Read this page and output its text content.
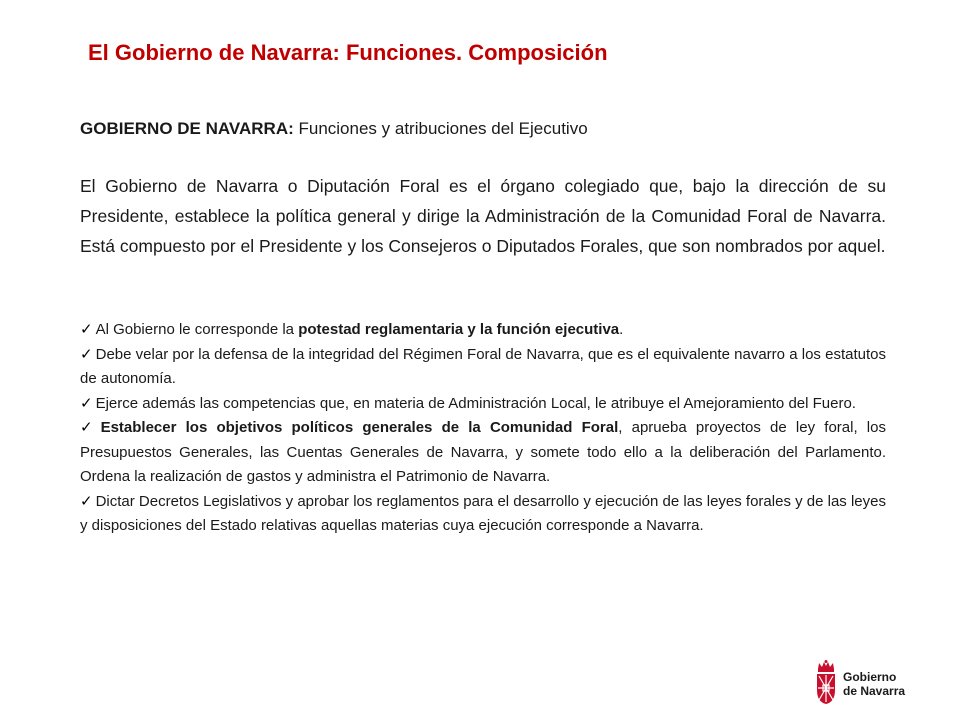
El Gobierno de Navarra: Funciones. Composición
GOBIERNO DE NAVARRA: Funciones y atribuciones del Ejecutivo

El Gobierno de Navarra o Diputación Foral es el órgano colegiado que, bajo la dirección de su Presidente, establece la política general y dirige la Administración de la Comunidad Foral de Navarra. Está compuesto por el Presidente y los Consejeros o Diputados Forales, que son nombrados por aquel.

✓ Al Gobierno le corresponde la potestad reglamentaria y la función ejecutiva.
✓ Debe velar por la defensa de la integridad del Régimen Foral de Navarra, que es el equivalente navarro a los estatutos de autonomía.
✓ Ejerce además las competencias que, en materia de Administración Local, le atribuye el Amejoramiento del Fuero.
✓ Establecer los objetivos políticos generales de la Comunidad Foral, aprueba proyectos de ley foral, los Presupuestos Generales, las Cuentas Generales de Navarra, y somete todo ello a la deliberación del Parlamento. Ordena la realización de gastos y administra el Patrimonio de Navarra.
✓ Dictar Decretos Legislativos y aprobar los reglamentos para el desarrollo y ejecución de las leyes forales y de las leyes y disposiciones del Estado relativas aquellas materias cuya ejecución corresponde a Navarra.
Gobierno
de Navarra
